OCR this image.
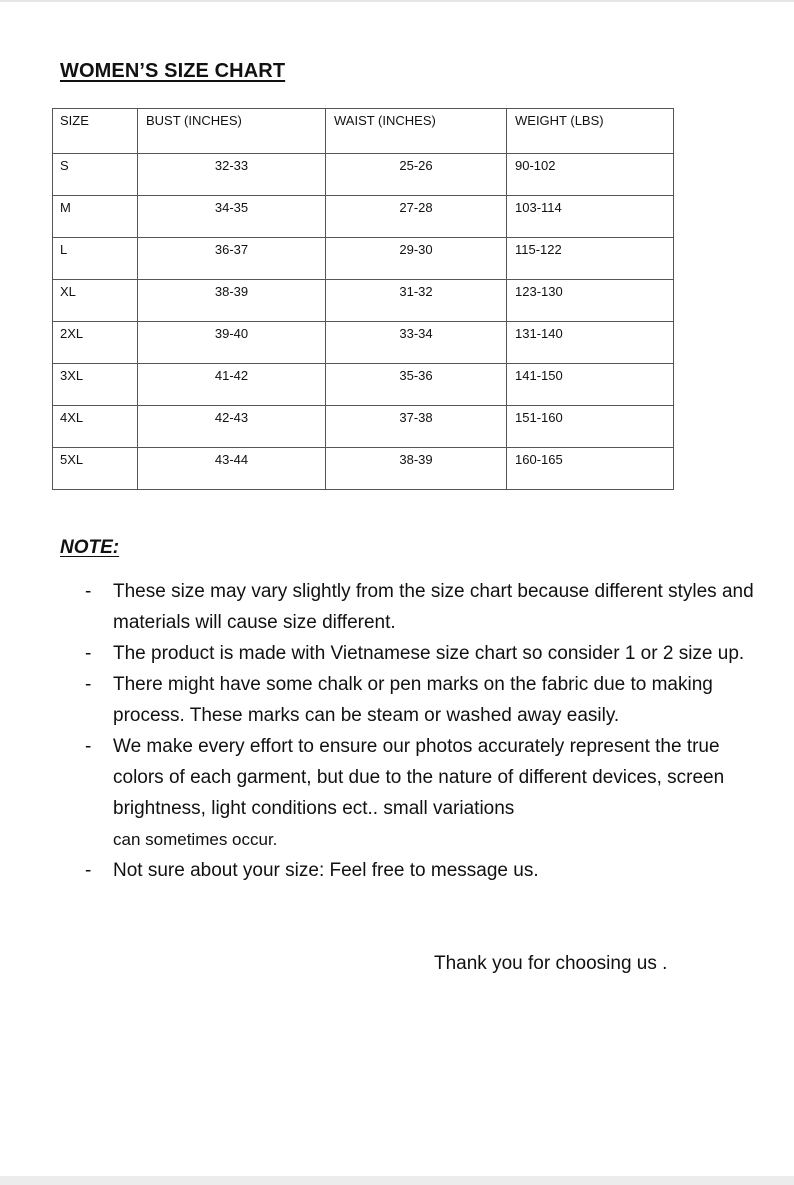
WOMEN’S SIZE CHART
SIZE	BUST (INCHES)	WAIST (INCHES)	WEIGHT (LBS)
S	32-33	25-26	90-102
M	34-35	27-28	103-114
L	36-37	29-30	115-122
XL	38-39	31-32	123-130
2XL	39-40	33-34	131-140
3XL	41-42	35-36	141-150
4XL	42-43	37-38	151-160
5XL	43-44	38-39	160-165
NOTE:
- These size may vary slightly from the size chart because different styles and materials will cause size different.
- The product is made with Vietnamese size chart so consider 1 or 2 size up.
- There might have some chalk or pen marks on the fabric due to making process. These marks can be steam or washed away easily.
- We make every effort to ensure our photos accurately represent the true colors of each garment, but due to the nature of different devices, screen brightness, light conditions ect.. small variations
can sometimes occur.
- Not sure about your size: Feel free to message us.
Thank you for choosing us .
